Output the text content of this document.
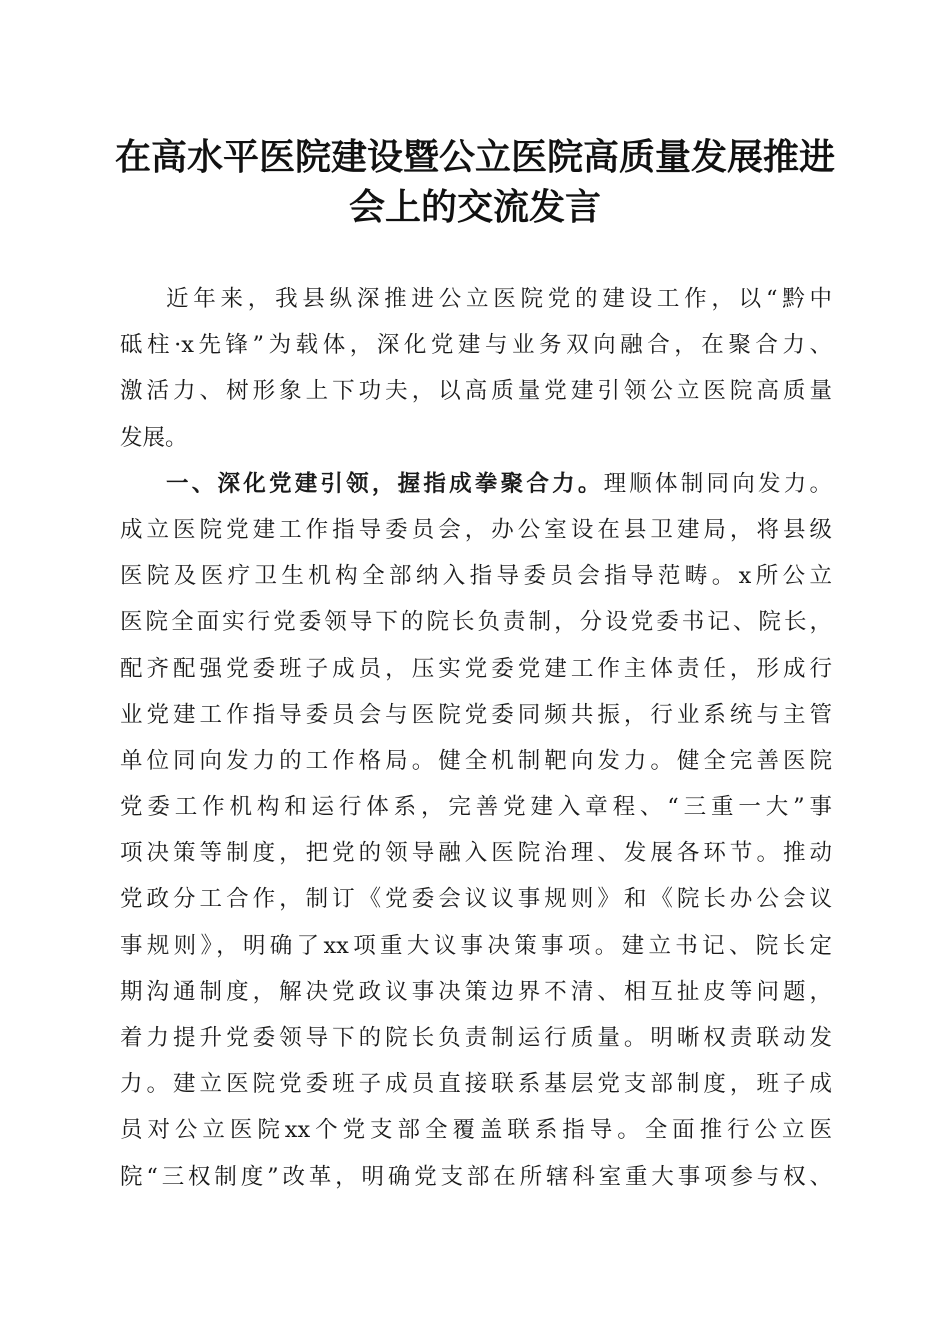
在高水平医院建设暨公立医院高质量发展推进
会上的交流发言
近年来，我县纵深推进公立医院党的建设工作，以“黔中
砥柱·x先锋”为载体，深化党建与业务双向融合，在聚合力、
激活力、树形象上下功夫，以高质量党建引领公立医院高质量
发展。
一、深化党建引领，握指成拳聚合力。理顺体制同向发力。
成立医院党建工作指导委员会，办公室设在县卫建局，将县级
医院及医疗卫生机构全部纳入指导委员会指导范畴。x所公立
医院全面实行党委领导下的院长负责制，分设党委书记、院长，
配齐配强党委班子成员，压实党委党建工作主体责任，形成行
业党建工作指导委员会与医院党委同频共振，行业系统与主管
单位同向发力的工作格局。健全机制靶向发力。健全完善医院
党委工作机构和运行体系，完善党建入章程、“三重一大”事
项决策等制度，把党的领导融入医院治理、发展各环节。推动
党政分工合作，制订《党委会议议事规则》和《院长办公会议
事规则》，明确了xx项重大议事决策事项。建立书记、院长定
期沟通制度，解决党政议事决策边界不清、相互扯皮等问题，
着力提升党委领导下的院长负责制运行质量。明晰权责联动发
力。建立医院党委班子成员直接联系基层党支部制度，班子成
员对公立医院xx个党支部全覆盖联系指导。全面推行公立医
院“三权制度”改革，明确党支部在所辖科室重大事项参与权、
